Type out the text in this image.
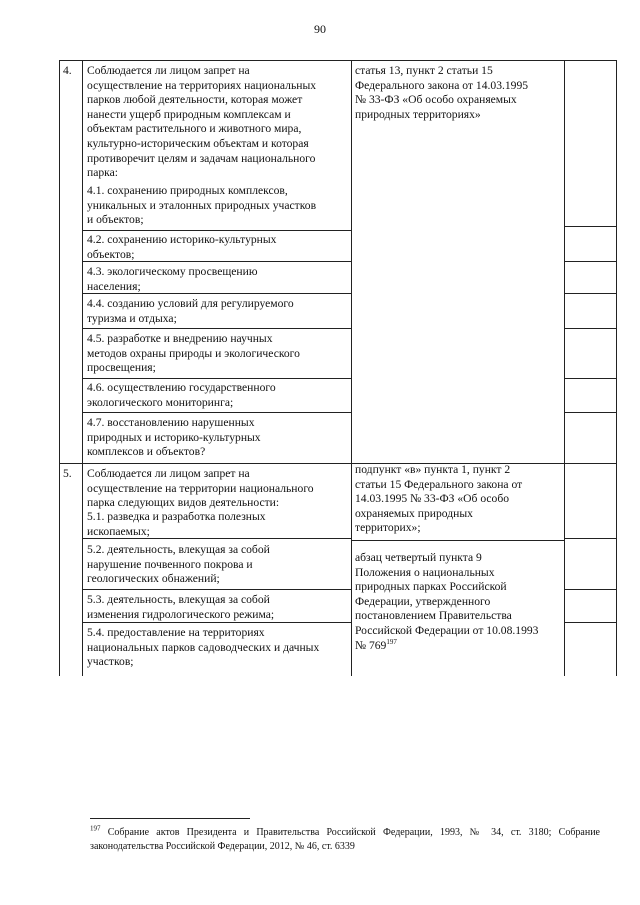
90
4. Соблюдается ли лицом запрет на
осуществление на территориях национальных
парков любой деятельности, которая может
нанести ущерб природным комплексам и
объектам растительного и животного мира,
культурно-историческим объектам и которая
противоречит целям и задачам национального
парка:
4.1. сохранению природных комплексов,
уникальных и эталонных природных участков
и объектов;
4.2. сохранению историко-культурных
объектов;
4.3. экологическому просвещению
населения;
4.4. созданию условий для регулируемого
туризма и отдыха;
4.5. разработке и внедрению научных
методов охраны природы и экологического
просвещения;
4.6. осуществлению государственного
экологического мониторинга;
4.7. восстановлению нарушенных
природных и историко-культурных
комплексов и объектов?
статья 13, пункт 2 статьи 15
Федерального закона от 14.03.1995
№ 33-ФЗ «Об особо охраняемых
природных территориях»
5. Соблюдается ли лицом запрет на
осуществление на территории национального
парка следующих видов деятельности:
5.1. разведка и разработка полезных
ископаемых;
5.2. деятельность, влекущая за собой
нарушение почвенного покрова и
геологических обнажений;
5.3. деятельность, влекущая за собой
изменения гидрологического режима;
5.4. предоставление на территориях
национальных парков садоводческих и дачных
участков;
подпункт «в» пункта 1, пункт 2
статьи 15 Федерального закона от
14.03.1995 № 33-ФЗ «Об особо
охраняемых природных
территорих»;
абзац четвертый пункта 9
Положения о национальных
природных парках Российской
Федерации, утвержденного
постановлением Правительства
Российской Федерации от 10.08.1993
№ $769^{197}$
$^{197}$ Собрание актов Президента и Правительства Российской Федерации, 1993, № 34, ст. 3180; Собрание законодательства Российской Федерации, 2012, № 46, ст. 6339
